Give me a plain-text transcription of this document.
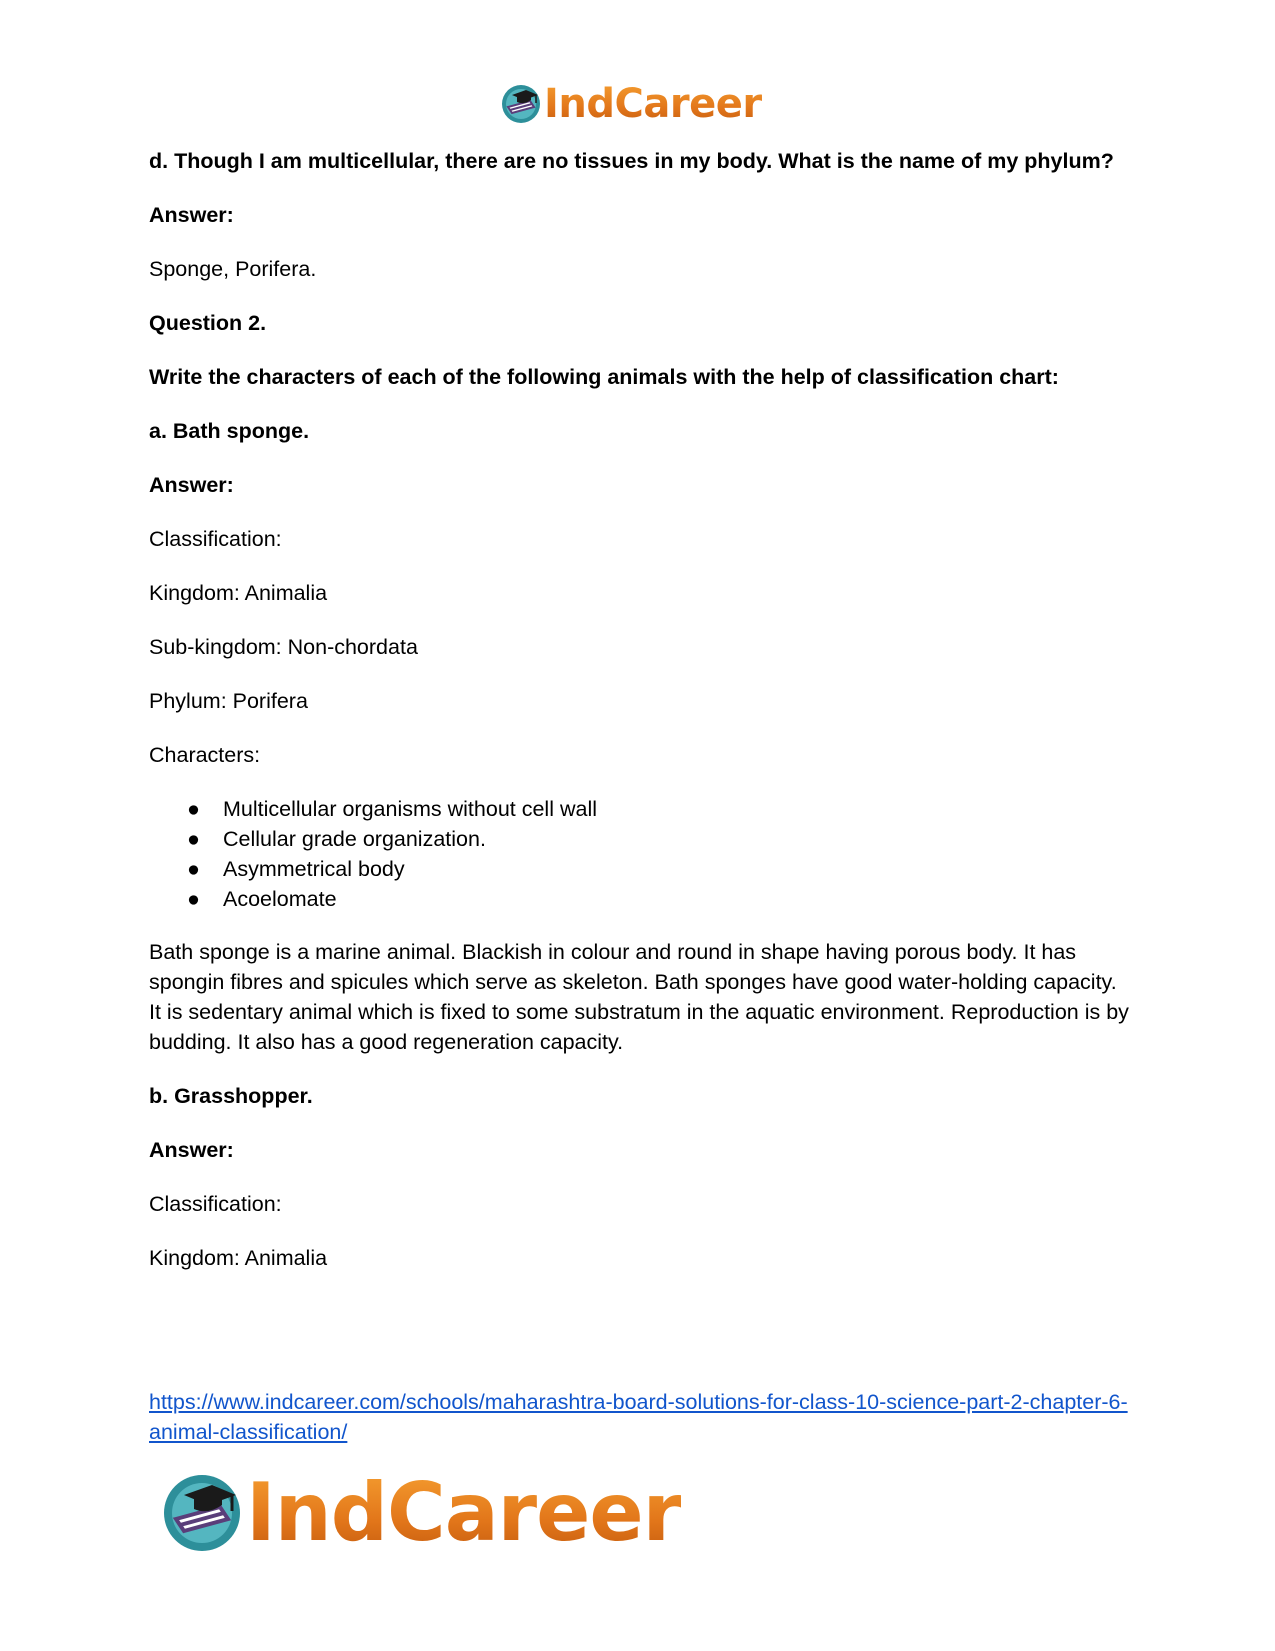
IndCareer

d. Though I am multicellular, there are no tissues in my body. What is the name of my phylum?

Answer:

Sponge, Porifera.

Question 2.

Write the characters of each of the following animals with the help of classification chart:

a. Bath sponge.

Answer:

Classification:

Kingdom: Animalia

Sub-kingdom: Non-chordata

Phylum: Porifera

Characters:

● Multicellular organisms without cell wall
● Cellular grade organization.
● Asymmetrical body
● Acoelomate

Bath sponge is a marine animal. Blackish in colour and round in shape having porous body. It has spongin fibres and spicules which serve as skeleton. Bath sponges have good water-holding capacity. It is sedentary animal which is fixed to some substratum in the aquatic environment. Reproduction is by budding. It also has a good regeneration capacity.

b. Grasshopper.

Answer:

Classification:

Kingdom: Animalia

https://www.indcareer.com/schools/maharashtra-board-solutions-for-class-10-science-part-2-chapter-6-animal-classification/
IndCareer
